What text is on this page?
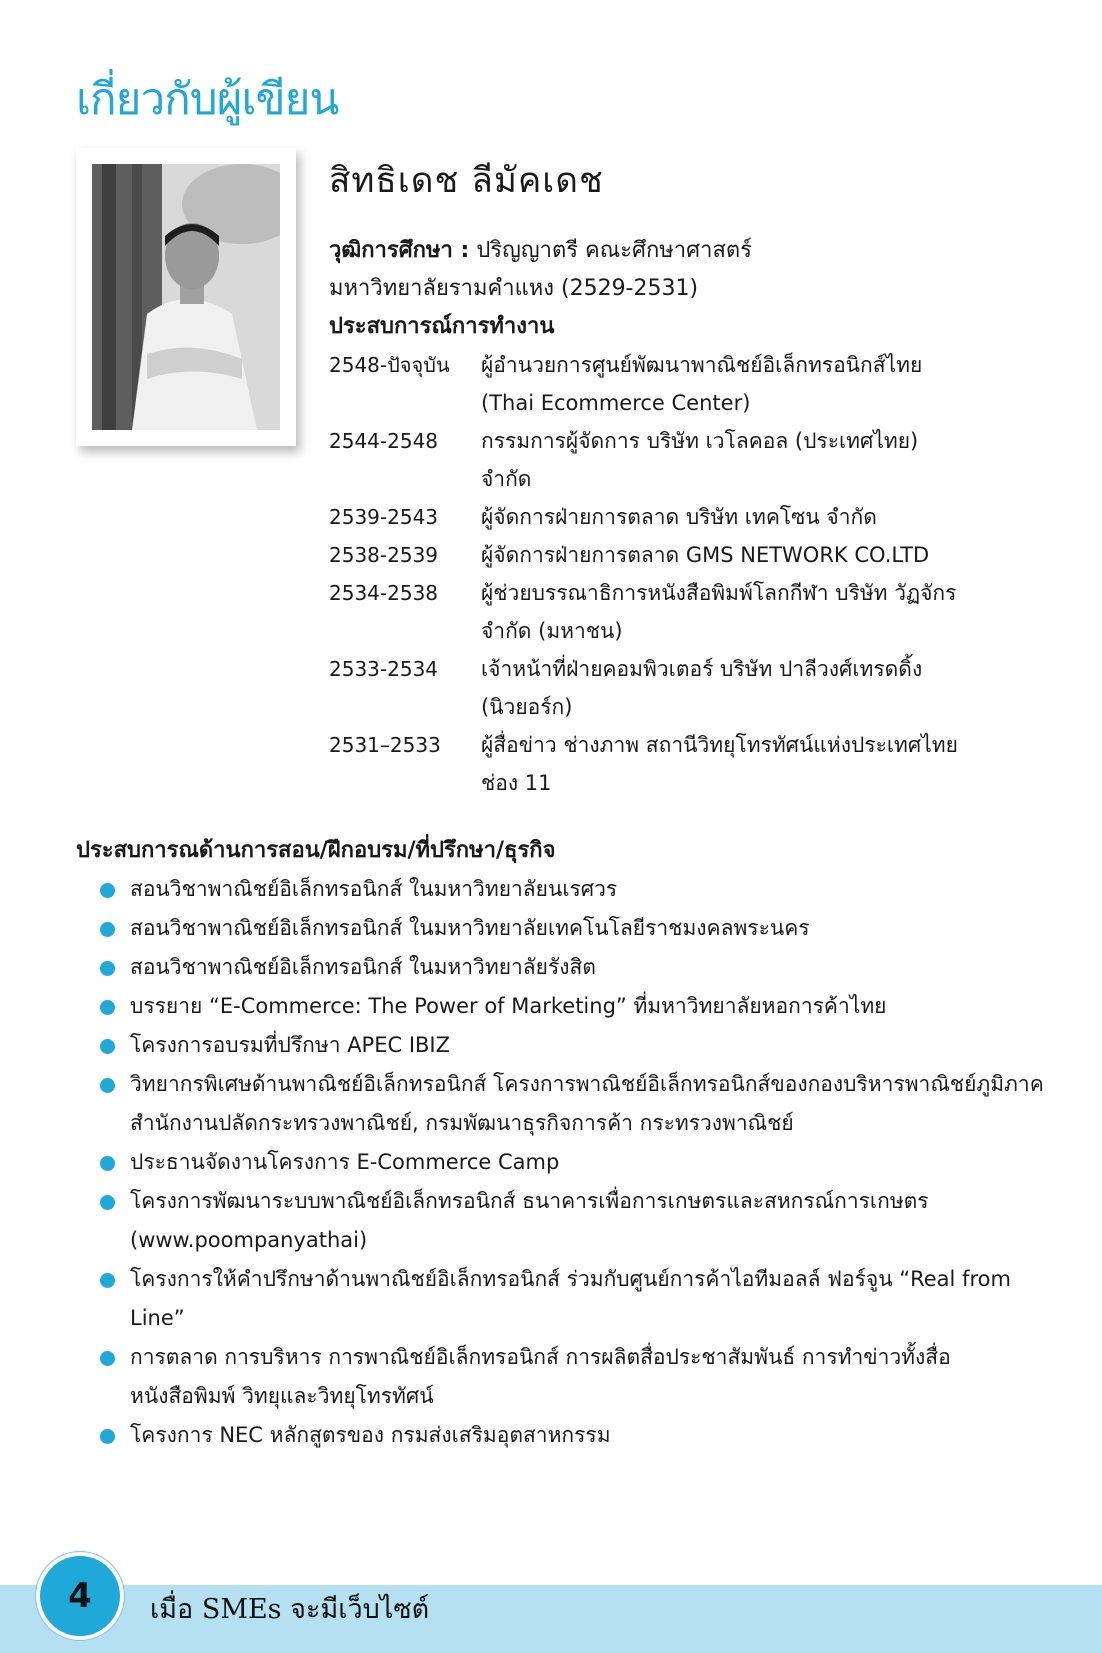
เกี่ยวกับผู้เขียน
สิทธิเดช ลีมัคเดช
วุฒิการศึกษา : ปริญญาตรี คณะศึกษาศาสตร์
มหาวิทยาลัยรามคำแหง (2529-2531)
ประสบการณ์การทำงาน
2548-ปัจจุบัน ผู้อำนวยการศูนย์พัฒนาพาณิชย์อิเล็กทรอนิกส์ไทย
(Thai Ecommerce Center)
2544-2548 กรรมการผู้จัดการ บริษัท เวโลคอล (ประเทศไทย)
จำกัด
2539-2543 ผู้จัดการฝ่ายการตลาด บริษัท เทคโซน จำกัด
2538-2539 ผู้จัดการฝ่ายการตลาด GMS NETWORK CO.LTD
2534-2538 ผู้ช่วยบรรณาธิการหนังสือพิมพ์โลกกีฬา บริษัท วัฏจักร
จำกัด (มหาชน)
2533-2534 เจ้าหน้าที่ฝ่ายคอมพิวเตอร์ บริษัท ปาลีวงศ์เทรดดิ้ง
(นิวยอร์ก)
2531–2533 ผู้สื่อข่าว ช่างภาพ สถานีวิทยุโทรทัศน์แห่งประเทศไทย
ช่อง 11
ประสบการณด้านการสอน/ฝึกอบรม/ที่ปรึกษา/ธุรกิจ
สอนวิชาพาณิชย์อิเล็กทรอนิกส์ ในมหาวิทยาลัยนเรศวร
สอนวิชาพาณิชย์อิเล็กทรอนิกส์ ในมหาวิทยาลัยเทคโนโลยีราชมงคลพระนคร
สอนวิชาพาณิชย์อิเล็กทรอนิกส์ ในมหาวิทยาลัยรังสิต
บรรยาย “E-Commerce: The Power of Marketing” ที่มหาวิทยาลัยหอการค้าไทย
โครงการอบรมที่ปรึกษา APEC IBIZ
วิทยากรพิเศษด้านพาณิชย์อิเล็กทรอนิกส์ โครงการพาณิชย์อิเล็กทรอนิกส์ของกองบริหารพาณิชย์ภูมิภาค สำนักงานปลัดกระทรวงพาณิชย์, กรมพัฒนาธุรกิจการค้า กระทรวงพาณิชย์
ประธานจัดงานโครงการ E-Commerce Camp
โครงการพัฒนาระบบพาณิชย์อิเล็กทรอนิกส์ ธนาคารเพื่อการเกษตรและสหกรณ์การเกษตร (www.poompanyathai)
โครงการให้คำปรึกษาด้านพาณิชย์อิเล็กทรอนิกส์ ร่วมกับศูนย์การค้าไอทีมอลล์ ฟอร์จูน “Real from Line”
การตลาด การบริหาร การพาณิชย์อิเล็กทรอนิกส์ การผลิตสื่อประชาสัมพันธ์ การทำข่าวทั้งสื่อหนังสือพิมพ์ วิทยุและวิทยุโทรทัศน์
โครงการ NEC หลักสูตรของ กรมส่งเสริมอุตสาหกรรม
4	เมื่อ SMEs จะมีเว็บไซต์
